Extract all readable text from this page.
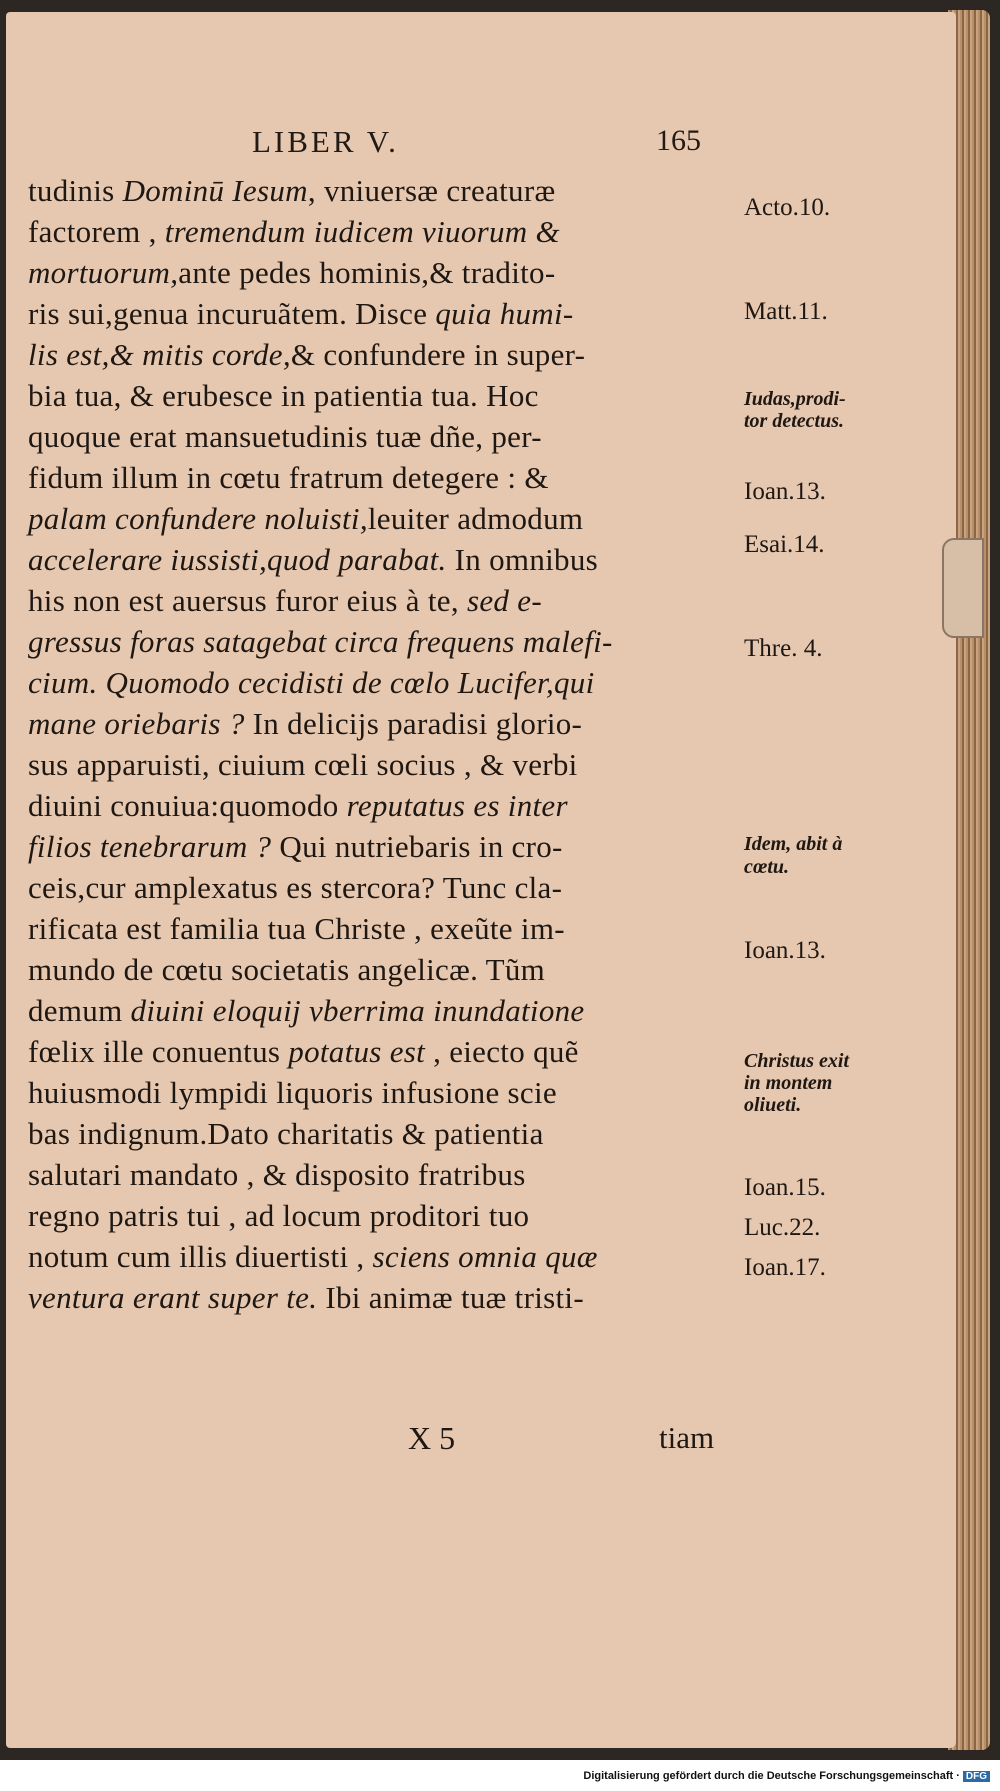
LIBER V.	165
tudinis Dominū Iesum, vniuersæ creaturæ
factorem , tremendum iudicem viuorum &
mortuorum,ante pedes hominis,& tradito-
ris sui,genua incuruãtem. Disce quia humi-
lis est,& mitis corde,& confundere in super-
bia tua, & erubesce in patientia tua. Hoc
quoque erat mansuetudinis tuæ dñe, per-
fidum illum in cœtu fratrum detegere : &
palam confundere noluisti,leuiter admodum
accelerare iussisti,quod parabat. In omnibus
his non est auersus furor eius à te, sed e-
gressus foras satagebat circa frequens malefi-
cium. Quomodo cecidisti de cœlo Lucifer,qui
mane oriebaris ? In delicijs paradisi glorio-
sus apparuisti, ciuium cœli socius , & verbi
diuini conuiua:quomodo reputatus es inter
filios tenebrarum ? Qui nutriebaris in cro-
ceis,cur amplexatus es stercora? Tunc cla-
rificata est familia tua Christe , exeũte im-
mundo de cœtu societatis angelicæ. Tũm
demum diuini eloquij vberrima inundatione
fœlix ille conuentus potatus est , eiecto quẽ
huiusmodi lympidi liquoris infusione scie
bas indignum.Dato charitatis & patientia
salutari mandato , & disposito fratribus
regno patris tui , ad locum proditori tuo
notum cum illis diuertisti , sciens omnia quæ
ventura erant super te. Ibi animæ tuæ tristi-
Acto.10.
Matt.11.
Iudas,prodi-
tor detectus.
Ioan.13.
Esai.14.
Thre. 4.
Idem, abit à
cœtu.
Ioan.13.
Christus exit
in montem
oliueti.
Ioan.15.
Luc.22.
Ioan.17.
X 5	tiam
Digitalisierung gefördert durch die Deutsche Forschungsgemeinschaft · DFG
